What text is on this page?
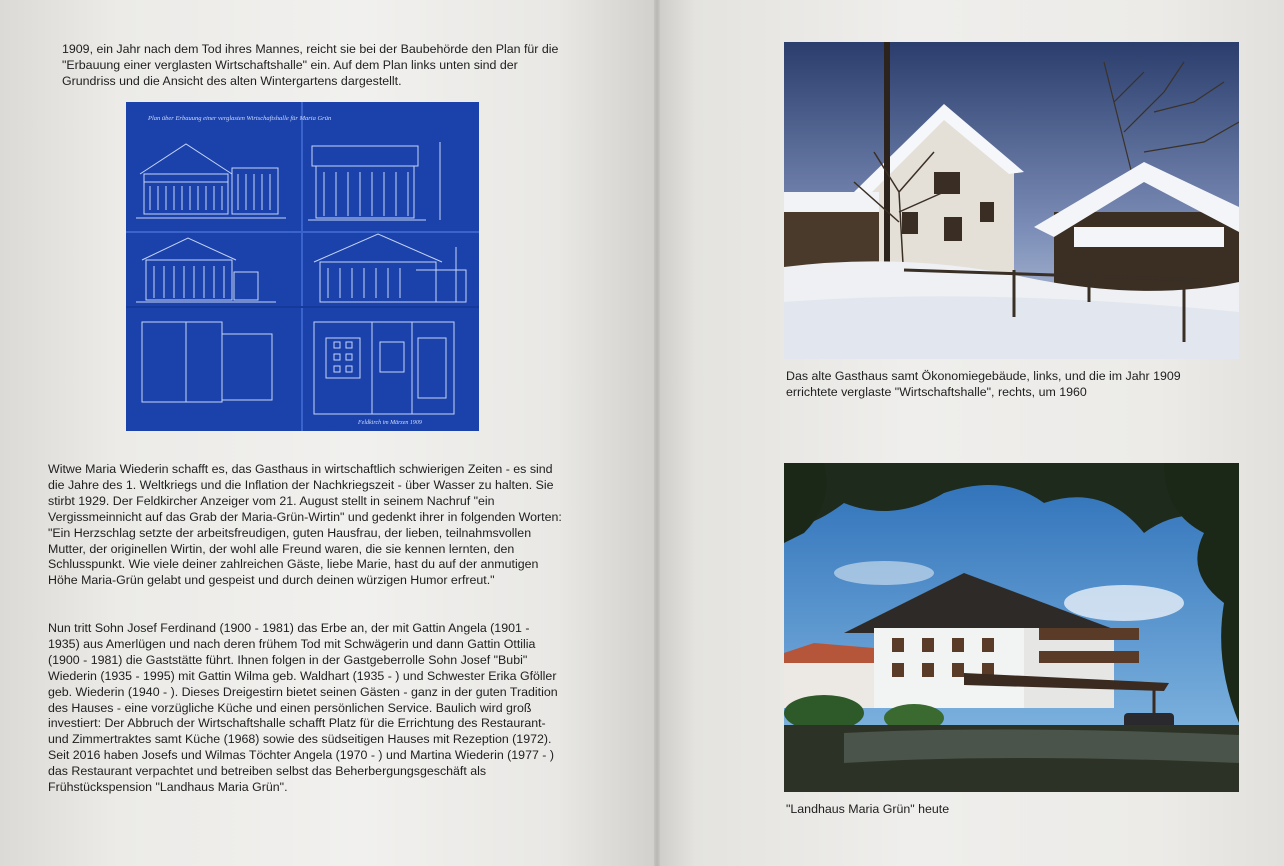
1909, ein Jahr nach dem Tod ihres Mannes, reicht sie bei der Baubehörde den Plan für die "Erbauung einer verglasten Wirtschaftshalle" ein. Auf dem Plan links unten sind der Grundriss und die Ansicht des alten Wintergartens dargestellt.

Plan über Erbauung einer verglasten Wirtschaftshalle für Maria Grün
Feldkirch im Märzen 1909

Witwe Maria Wiederin schafft es, das Gasthaus in wirtschaftlich schwierigen Zeiten - es sind die Jahre des 1. Weltkriegs und die Inflation der Nachkriegszeit - über Wasser zu halten. Sie stirbt 1929. Der Feldkircher Anzeiger vom 21. August stellt in seinem Nachruf "ein Vergissmeinnicht auf das Grab der Maria-Grün-Wirtin" und gedenkt ihrer in folgenden Worten: "Ein Herzschlag setzte der arbeitsfreudigen, guten Hausfrau, der lieben, teilnahmsvollen Mutter, der originellen Wirtin, der wohl alle Freund waren, die sie kennen lernten, den Schlusspunkt. Wie viele deiner zahlreichen Gäste, liebe Marie, hast du auf der anmutigen Höhe Maria-Grün gelabt und gespeist und durch deinen würzigen Humor erfreut."

Nun tritt Sohn Josef Ferdinand (1900 - 1981) das Erbe an, der mit Gattin Angela (1901 - 1935) aus Amerlügen und nach deren frühem Tod mit Schwägerin und dann Gattin Ottilia (1900 - 1981) die Gaststätte führt. Ihnen folgen in der Gastgeberrolle Sohn Josef "Bubi" Wiederin (1935 - 1995) mit Gattin Wilma geb. Waldhart (1935 - ) und Schwester Erika Gföller geb. Wiederin (1940 - ). Dieses Dreigestirn bietet seinen Gästen - ganz in der guten Tradition des Hauses - eine vorzügliche Küche und einen persönlichen Service. Baulich wird groß investiert: Der Abbruch der Wirtschaftshalle schafft Platz für die Errichtung des Restaurant- und Zimmertraktes samt Küche (1968) sowie des südseitigen Hauses mit Rezeption (1972). Seit 2016 haben Josefs und Wilmas Töchter Angela (1970 - ) und Martina Wiederin (1977 - ) das Restaurant verpachtet und betreiben selbst das Beherbergungsgeschäft als Frühstückspension "Landhaus Maria Grün".

Das alte Gasthaus samt Ökonomiegebäude, links, und die im Jahr 1909 errichtete verglaste "Wirtschaftshalle", rechts, um 1960

"Landhaus Maria Grün" heute
